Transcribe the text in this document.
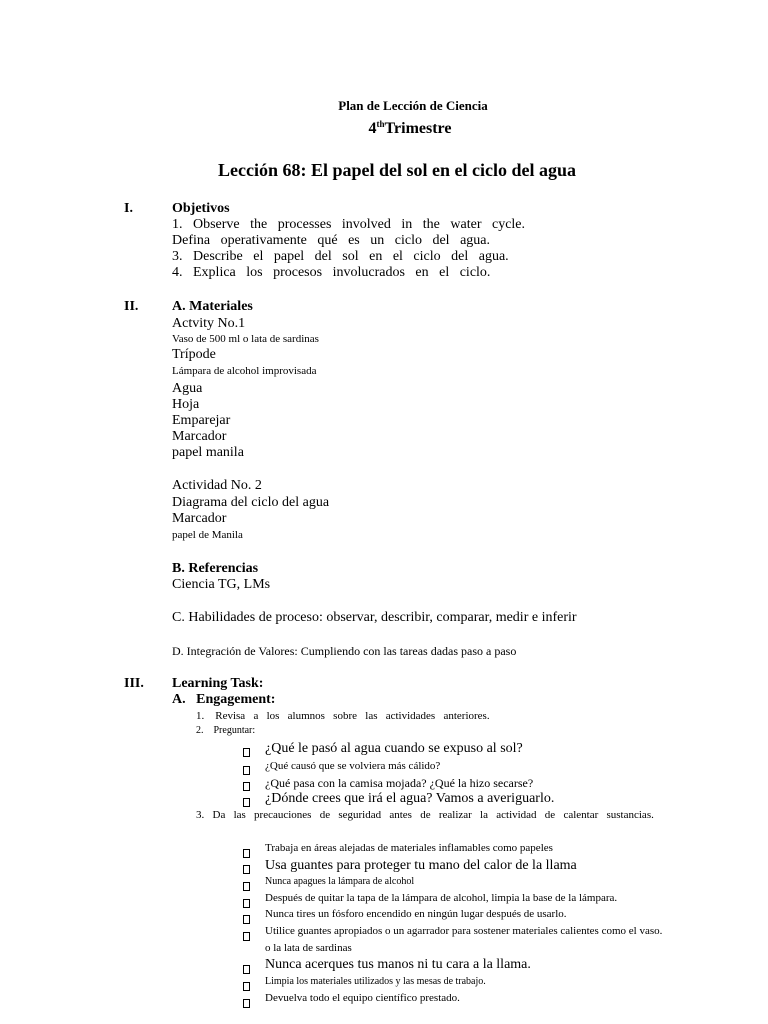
Plan de Lección de Ciencia
4thTrimestre
Lección 68: El papel del sol en el ciclo del agua
I.	Objetivos
1.   Observe   the   processes   involved   in   the   water   cycle.
Defina   operativamente   qué   es   un   ciclo   del   agua.
3.   Describe   el   papel   del   sol   en   el   ciclo   del   agua.
4.   Explica   los   procesos   involucrados   en   el   ciclo.
II. A. Materiales
Actvity No.1
Vaso de 500 ml o lata de sardinas
Trípode
Lámpara de alcohol improvisada
Agua
Hoja
Emparejar
Marcador
papel manila
Actividad No. 2
Diagrama del ciclo del agua
Marcador
papel de Manila
B. Referencias
Ciencia TG, LMs
C. Habilidades de proceso: observar, describir, comparar, medir e inferir
D. Integración de Valores: Cumpliendo con las tareas dadas paso a paso
III. Learning Task:
A.   Engagement:
1.    Revisa   a   los   alumnos   sobre   las   actividades   anteriores.
2.    Preguntar:
¿Qué le pasó al agua cuando se expuso al sol?
¿Qué causó que se volviera más cálido?
¿Qué pasa con la camisa mojada? ¿Qué la hizo secarse?
¿Dónde crees que irá el agua? Vamos a averiguarlo.
3.   Da   las   precauciones   de   seguridad   antes   de   realizar   la   actividad   de   calentar   sustancias.
Trabaja en áreas alejadas de materiales inflamables como papeles
Usa guantes para proteger tu mano del calor de la llama
Nunca apagues la lámpara de alcohol
Después de quitar la tapa de la lámpara de alcohol, limpia la base de la lámpara.
Nunca tires un fósforo encendido en ningún lugar después de usarlo.
Utilice guantes apropiados o un agarrador para sostener materiales calientes como el vaso.
o la lata de sardinas
Nunca acerques tus manos ni tu cara a la llama.
Limpia los materiales utilizados y las mesas de trabajo.
Devuelva todo el equipo científico prestado.
